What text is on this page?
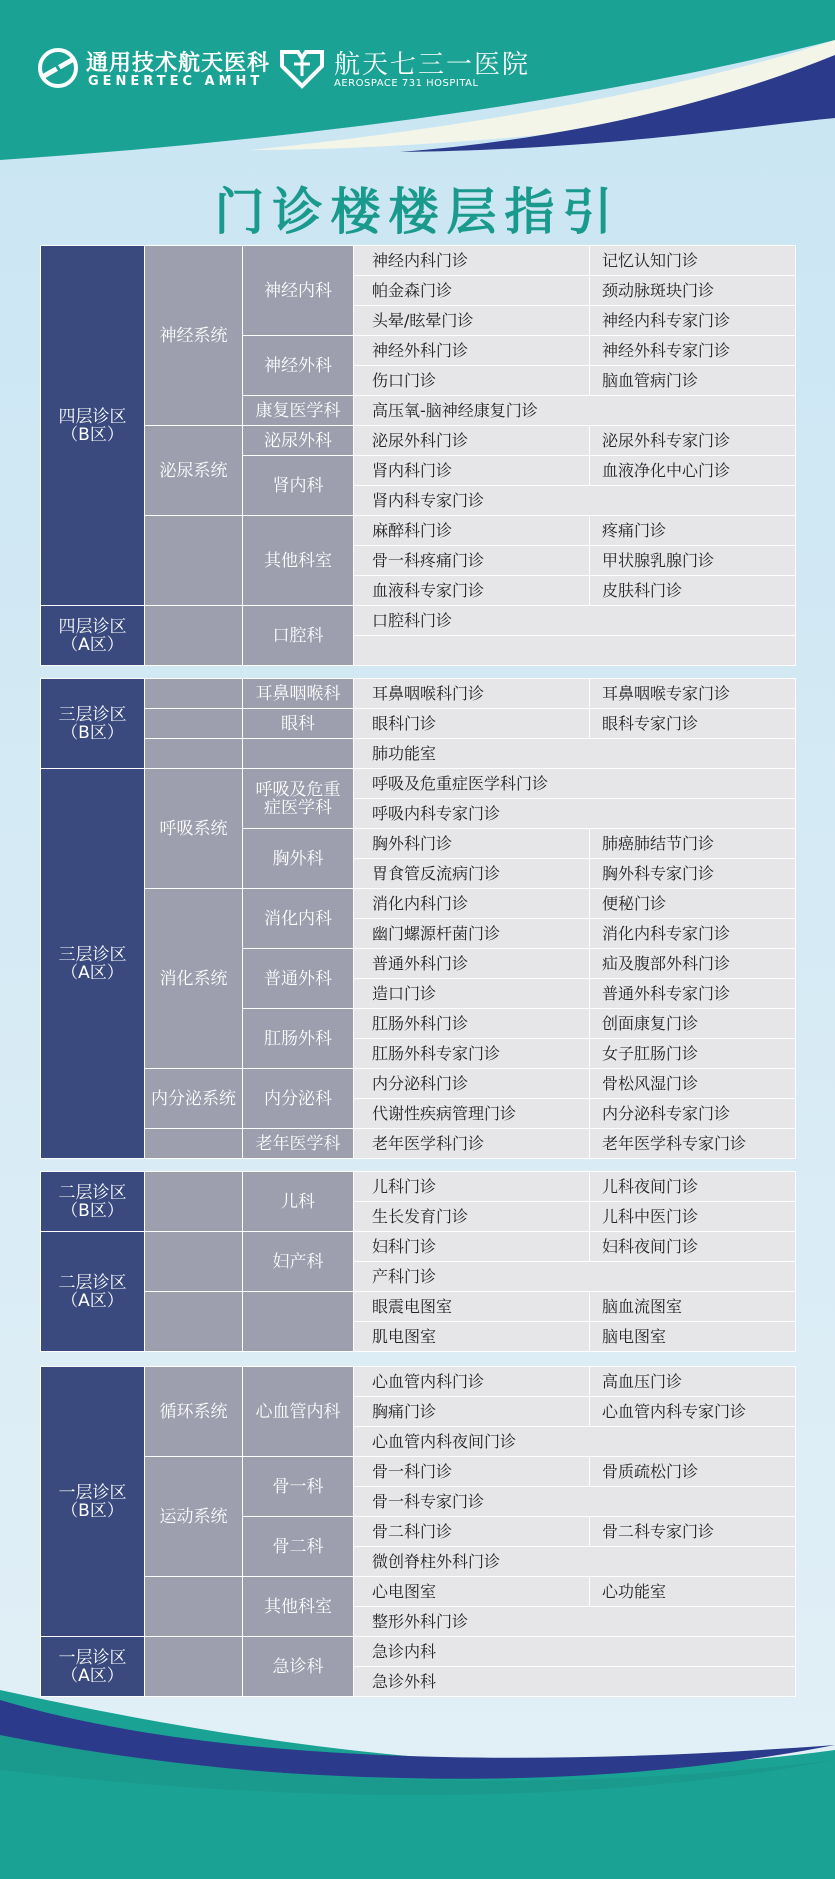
通用技术航天医科
GENERTEC AMHT
航天七三一医院
AEROSPACE 731 HOSPITAL
门诊楼楼层指引
四层诊区
（B区）	神经系统	神经内科	神经内科门诊	记忆认知门诊
			帕金森门诊	颈动脉斑块门诊
			头晕/眩晕门诊	神经内科专家门诊
		神经外科	神经外科门诊	神经外科专家门诊
			伤口门诊	脑血管病门诊
		康复医学科	高压氧-脑神经康复门诊	
	泌尿系统	泌尿外科	泌尿外科门诊	泌尿外科专家门诊
		肾内科	肾内科门诊	血液净化中心门诊
			肾内科专家门诊	
		其他科室	麻醉科门诊	疼痛门诊
			骨一科疼痛门诊	甲状腺乳腺门诊
			血液科专家门诊	皮肤科门诊

四层诊区
（A区）		口腔科	口腔科门诊	

三层诊区
（B区）		耳鼻咽喉科	耳鼻咽喉科门诊	耳鼻咽喉专家门诊
		眼科	眼科门诊	眼科专家门诊
			肺功能室	

三层诊区
（A区）	呼吸系统	呼吸及危重症医学科	呼吸及危重症医学科门诊	
			呼吸内科专家门诊	
		胸外科	胸外科门诊	肺癌肺结节门诊
			胃食管反流病门诊	胸外科专家门诊
	消化系统	消化内科	消化内科门诊	便秘门诊
			幽门螺源杆菌门诊	消化内科专家门诊
		普通外科	普通外科门诊	疝及腹部外科门诊
			造口门诊	普通外科专家门诊
		肛肠外科	肛肠外科门诊	创面康复门诊
			肛肠外科专家门诊	女子肛肠门诊
	内分泌系统	内分泌科	内分泌科门诊	骨松风湿门诊
			代谢性疾病管理门诊	内分泌科专家门诊
		老年医学科	老年医学科门诊	老年医学科专家门诊
二层诊区
（B区）		儿科	儿科门诊	儿科夜间门诊
			生长发育门诊	儿科中医门诊

二层诊区
（A区）		妇产科	妇科门诊	妇科夜间门诊
			产科门诊	
			眼震电图室	脑血流图室
			肌电图室	脑电图室
一层诊区
（B区）	循环系统	心血管内科	心血管内科门诊	高血压门诊
			胸痛门诊	心血管内科专家门诊
			心血管内科夜间门诊	
	运动系统	骨一科	骨一科门诊	骨质疏松门诊
			骨一科专家门诊	
		骨二科	骨二科门诊	骨二科专家门诊
			微创脊柱外科门诊	
		其他科室	心电图室	心功能室
			整形外科门诊	

一层诊区
（A区）		急诊科	急诊内科	
			急诊外科	
